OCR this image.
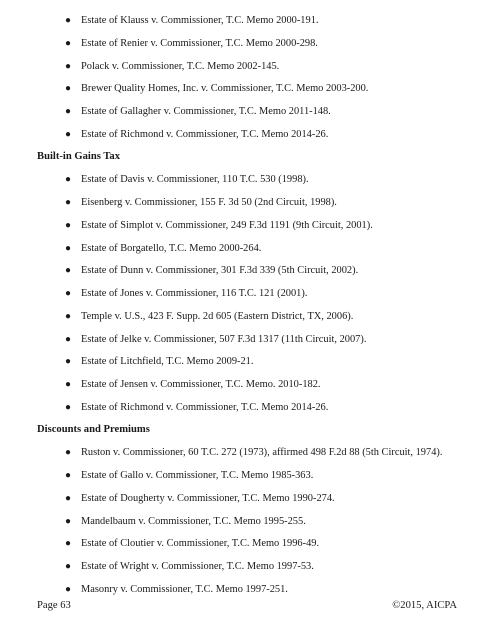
● Estate of Klauss v. Commissioner, T.C. Memo 2000-191.
● Estate of Renier v. Commissioner, T.C. Memo 2000-298.
● Polack v. Commissioner, T.C. Memo 2002-145.
● Brewer Quality Homes, Inc. v. Commissioner, T.C. Memo 2003-200.
● Estate of Gallagher v. Commissioner, T.C. Memo 2011-148.
● Estate of Richmond v. Commissioner, T.C. Memo 2014-26.
Built-in Gains Tax
● Estate of Davis v. Commissioner, 110 T.C. 530 (1998).
● Eisenberg v. Commissioner, 155 F. 3d 50 (2nd Circuit, 1998).
● Estate of Simplot v. Commissioner, 249 F.3d 1191 (9th Circuit, 2001).
● Estate of Borgatello, T.C. Memo 2000-264.
● Estate of Dunn v. Commissioner, 301 F.3d 339 (5th Circuit, 2002).
● Estate of Jones v. Commissioner, 116 T.C. 121 (2001).
● Temple v. U.S., 423 F. Supp. 2d 605 (Eastern District, TX, 2006).
● Estate of Jelke v. Commissioner, 507 F.3d 1317 (11th Circuit, 2007).
● Estate of Litchfield, T.C. Memo 2009-21.
● Estate of Jensen v. Commissioner, T.C. Memo. 2010-182.
● Estate of Richmond v. Commissioner, T.C. Memo 2014-26.
Discounts and Premiums
● Ruston v. Commissioner, 60 T.C. 272 (1973), affirmed 498 F.2d 88 (5th Circuit, 1974).
● Estate of Gallo v. Commissioner, T.C. Memo 1985-363.
● Estate of Dougherty v. Commissioner, T.C. Memo 1990-274.
● Mandelbaum v. Commissioner, T.C. Memo 1995-255.
● Estate of Cloutier v. Commissioner, T.C. Memo 1996-49.
● Estate of Wright v. Commissioner, T.C. Memo 1997-53.
● Masonry v. Commissioner, T.C. Memo 1997-251.
Page 63	©2015, AICPA
